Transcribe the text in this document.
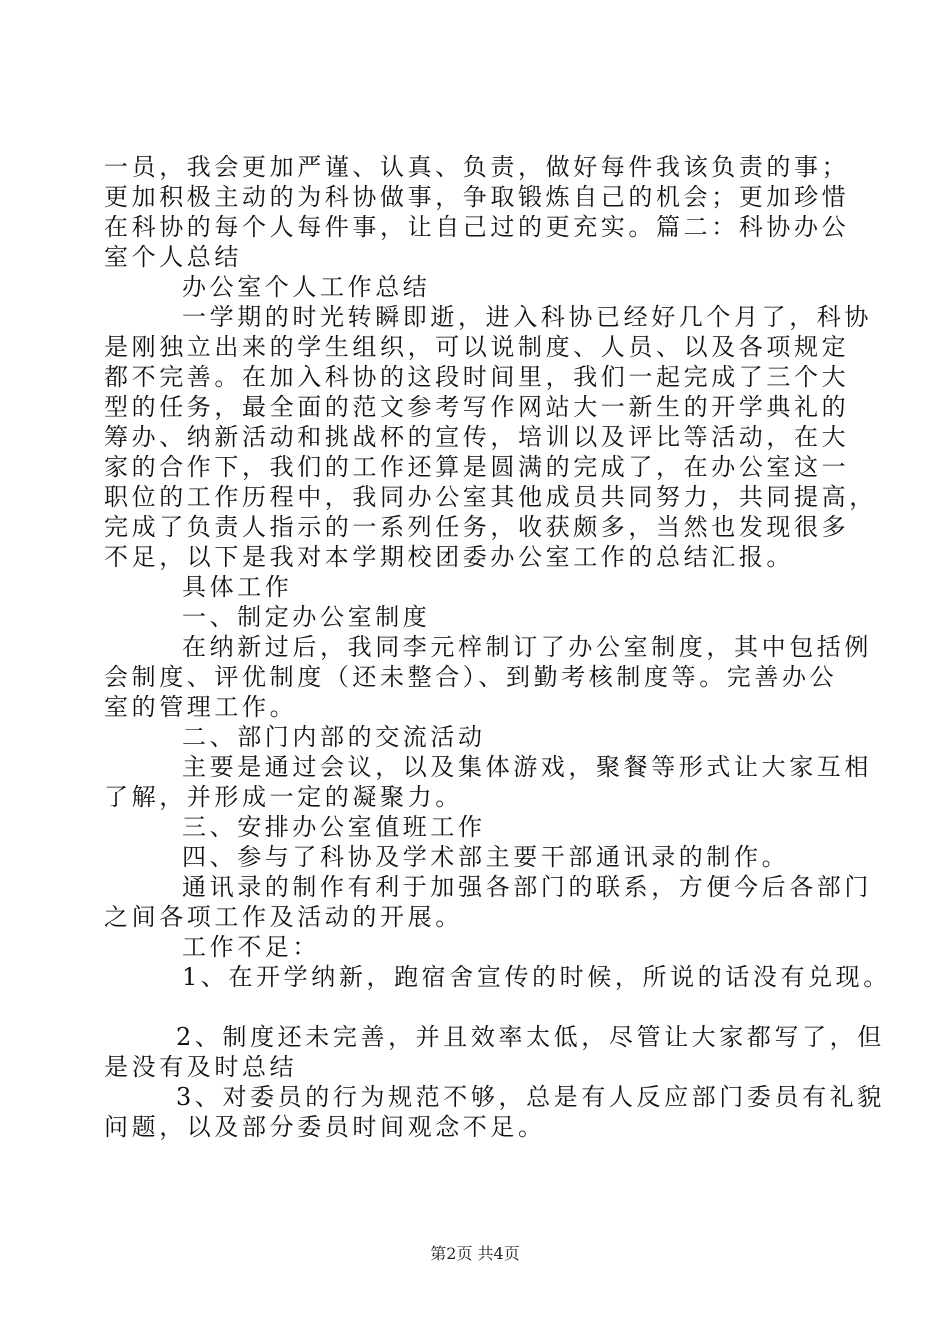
一员，我会更加严谨、认真、负责，做好每件我该负责的事；
更加积极主动的为科协做事，争取锻炼自己的机会；更加珍惜
在科协的每个人每件事，让自己过的更充实。篇二：科协办公
室个人总结
办公室个人工作总结
一学期的时光转瞬即逝，进入科协已经好几个月了，科协
是刚独立出来的学生组织，可以说制度、人员、以及各项规定
都不完善。在加入科协的这段时间里，我们一起完成了三个大
型的任务，最全面的范文参考写作网站大一新生的开学典礼的
筹办、纳新活动和挑战杯的宣传，培训以及评比等活动，在大
家的合作下，我们的工作还算是圆满的完成了，在办公室这一
职位的工作历程中，我同办公室其他成员共同努力，共同提高，
完成了负责人指示的一系列任务，收获颇多，当然也发现很多
不足，以下是我对本学期校团委办公室工作的总结汇报。
具体工作
一、制定办公室制度
在纳新过后，我同李元梓制订了办公室制度，其中包括例
会制度、评优制度（还未整合）、到勤考核制度等。完善办公
室的管理工作。
二、部门内部的交流活动
主要是通过会议，以及集体游戏，聚餐等形式让大家互相
了解，并形成一定的凝聚力。
三、安排办公室值班工作
四、参与了科协及学术部主要干部通讯录的制作。
通讯录的制作有利于加强各部门的联系，方便今后各部门
之间各项工作及活动的开展。
工作不足：
1、在开学纳新，跑宿舍宣传的时候，所说的话没有兑现。
2、制度还未完善，并且效率太低，尽管让大家都写了，但
是没有及时总结
3、对委员的行为规范不够，总是有人反应部门委员有礼貌
问题，以及部分委员时间观念不足。
第2页 共4页
